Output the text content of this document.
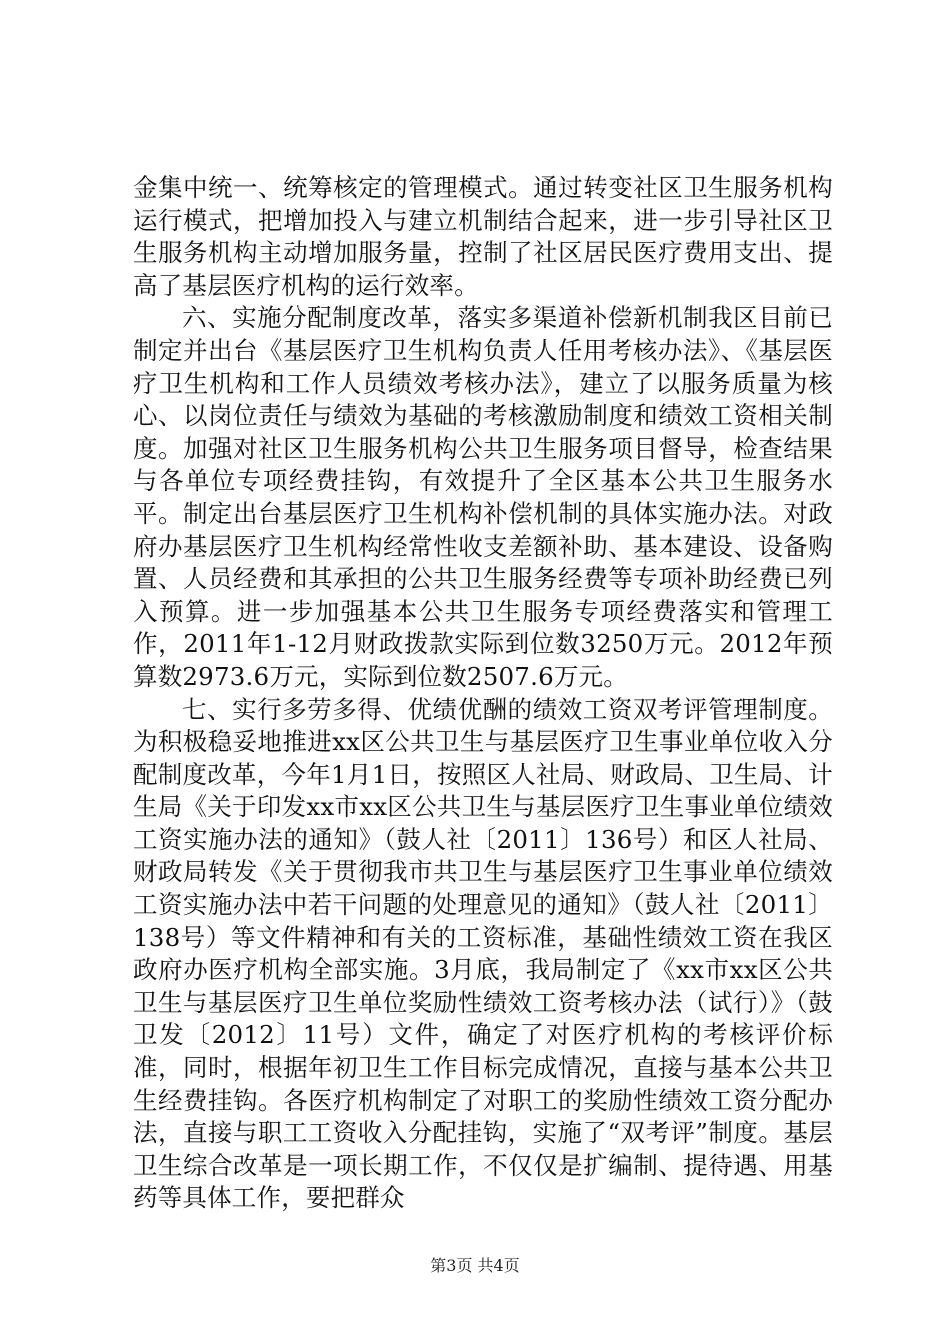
金集中统一、统筹核定的管理模式。通过转变社区卫生服务机构运行模式，把增加投入与建立机制结合起来，进一步引导社区卫生服务机构主动增加服务量，控制了社区居民医疗费用支出、提高了基层医疗机构的运行效率。

六、实施分配制度改革，落实多渠道补偿新机制我区目前已制定并出台《基层医疗卫生机构负责人任用考核办法》、《基层医疗卫生机构和工作人员绩效考核办法》，建立了以服务质量为核心、以岗位责任与绩效为基础的考核激励制度和绩效工资相关制度。加强对社区卫生服务机构公共卫生服务项目督导，检查结果与各单位专项经费挂钩，有效提升了全区基本公共卫生服务水平。制定出台基层医疗卫生机构补偿机制的具体实施办法。对政府办基层医疗卫生机构经常性收支差额补助、基本建设、设备购置、人员经费和其承担的公共卫生服务经费等专项补助经费已列入预算。进一步加强基本公共卫生服务专项经费落实和管理工作，2011年1-12月财政拨款实际到位数3250万元。2012年预算数2973.6万元，实际到位数2507.6万元。

七、实行多劳多得、优绩优酬的绩效工资双考评管理制度。为积极稳妥地推进xx区公共卫生与基层医疗卫生事业单位收入分配制度改革，今年1月1日，按照区人社局、财政局、卫生局、计生局《关于印发xx市xx区公共卫生与基层医疗卫生事业单位绩效工资实施办法的通知》（鼓人社〔2011〕136号）和区人社局、财政局转发《关于贯彻我市共卫生与基层医疗卫生事业单位绩效工资实施办法中若干问题的处理意见的通知》（鼓人社〔2011〕138号）等文件精神和有关的工资标准，基础性绩效工资在我区政府办医疗机构全部实施。3月底，我局制定了《xx市xx区公共卫生与基层医疗卫生单位奖励性绩效工资考核办法（试行）》（鼓卫发〔2012〕11号）文件，确定了对医疗机构的考核评价标准，同时，根据年初卫生工作目标完成情况，直接与基本公共卫生经费挂钩。各医疗机构制定了对职工的奖励性绩效工资分配办法，直接与职工工资收入分配挂钩，实施了“双考评”制度。基层卫生综合改革是一项长期工作，不仅仅是扩编制、提待遇、用基药等具体工作，要把群众

第3页 共4页
